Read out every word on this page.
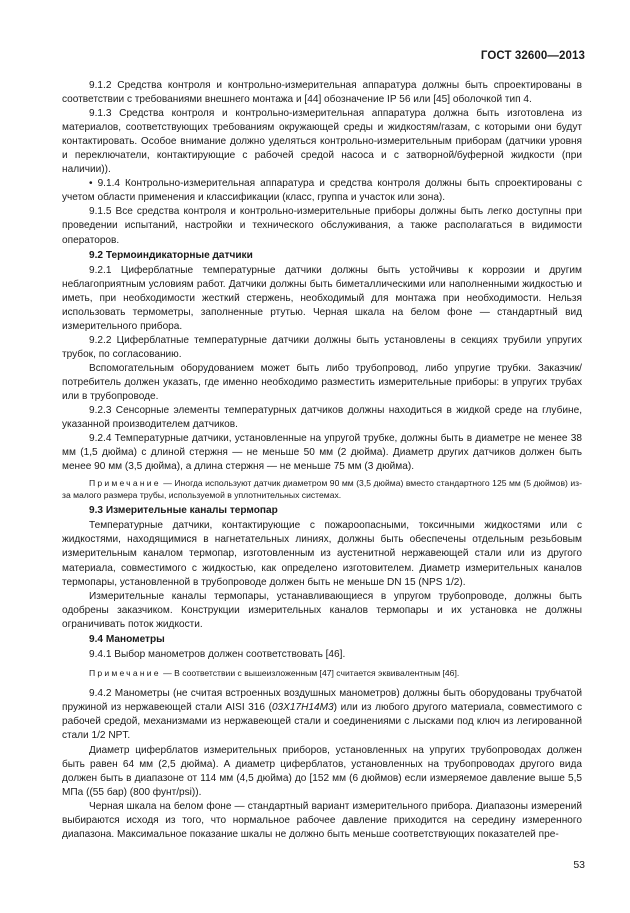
ГОСТ 32600—2013

9.1.2 Средства контроля и контрольно-измерительная аппаратура должны быть спроектированы в соответствии с требованиями внешнего монтажа и [44] обозначение IP 56 или [45] оболочкой тип 4.

9.1.3 Средства контроля и контрольно-измерительная аппаратура должна быть изготовлена из материалов, соответствующих требованиям окружающей среды и жидкостям/газам, с которыми они будут контактировать. Особое внимание должно уделяться контрольно-измерительным приборам (датчики уровня и переключатели, контактирующие с рабочей средой насоса и с затворной/буферной жидкости (при наличии)).

• 9.1.4 Контрольно-измерительная аппаратура и средства контроля должны быть спроектированы с учетом области применения и классификации (класс, группа и участок или зона).

9.1.5 Все средства контроля и контрольно-измерительные приборы должны быть легко доступны при проведении испытаний, настройки и технического обслуживания, а также располагаться в видимости операторов.

9.2 Термоиндикаторные датчики

9.2.1 Циферблатные температурные датчики должны быть устойчивы к коррозии и другим неблагоприятным условиям работ. Датчики должны быть биметаллическими или наполненными жидкостью и иметь, при необходимости жесткий стержень, необходимый для монтажа при необходимости. Нельзя использовать термометры, заполненные ртутью. Черная шкала на белом фоне — стандартный вид измерительного прибора.

9.2.2 Циферблатные температурные датчики должны быть установлены в секциях трубили упругих трубок, по согласованию.

Вспомогательным оборудованием может быть либо трубопровод, либо упругие трубки. Заказчик/потребитель должен указать, где именно необходимо разместить измерительные приборы: в упругих трубах или в трубопроводе.

9.2.3 Сенсорные элементы температурных датчиков должны находиться в жидкой среде на глубине, указанной производителем датчиков.

9.2.4 Температурные датчики, установленные на упругой трубке, должны быть в диаметре не менее 38 мм (1,5 дюйма) с длиной стержня — не меньше 50 мм (2 дюйма). Диаметр других датчиков должен быть менее 90 мм (3,5 дюйма), а длина стержня — не меньше 75 мм (3 дюйма).

Примечание — Иногда используют датчик диаметром 90 мм (3,5 дюйма) вместо стандартного 125 мм (5 дюймов) из-за малого размера трубы, используемой в уплотнительных системах.

9.3 Измерительные каналы термопар

Температурные датчики, контактирующие с пожароопасными, токсичными жидкостями или с жидкостями, находящимися в нагнетательных линиях, должны быть обеспечены отдельным резьбовым измерительным каналом термопар, изготовленным из аустенитной нержавеющей стали или из другого материала, совместимого с жидкостью, как определено изготовителем. Диаметр измерительных каналов термопары, установленной в трубопроводе должен быть не меньше DN 15 (NPS 1/2).

Измерительные каналы термопары, устанавливающиеся в упругом трубопроводе, должны быть одобрены заказчиком. Конструкции измерительных каналов термопары и их установка не должны ограничивать поток жидкости.

9.4 Манометры

9.4.1 Выбор манометров должен соответствовать [46].

Примечание — В соответствии с вышеизложенным [47] считается эквивалентным [46].

9.4.2 Манометры (не считая встроенных воздушных манометров) должны быть оборудованы трубчатой пружиной из нержавеющей стали AISI 316 (03Х17Н14М3) или из любого другого материала, совместимого с рабочей средой, механизмами из нержавеющей стали и соединениями с лысками под ключ из легированной стали 1/2 NPT.

Диаметр циферблатов измерительных приборов, установленных на упругих трубопроводах должен быть равен 64 мм (2,5 дюйма). А диаметр циферблатов, установленных на трубопроводах другого вида должен быть в диапазоне от 114 мм (4,5 дюйма) до [152 мм (6 дюймов) если измеряемое давление выше 5,5 МПа ((55 бар) (800 фунт/psi)).

Черная шкала на белом фоне — стандартный вариант измерительного прибора. Диапазоны измерений выбираются исходя из того, что нормальное рабочее давление приходится на середину измеренного диапазона. Максимальное показание шкалы не должно быть меньше соответствующих показателей пре-

53
